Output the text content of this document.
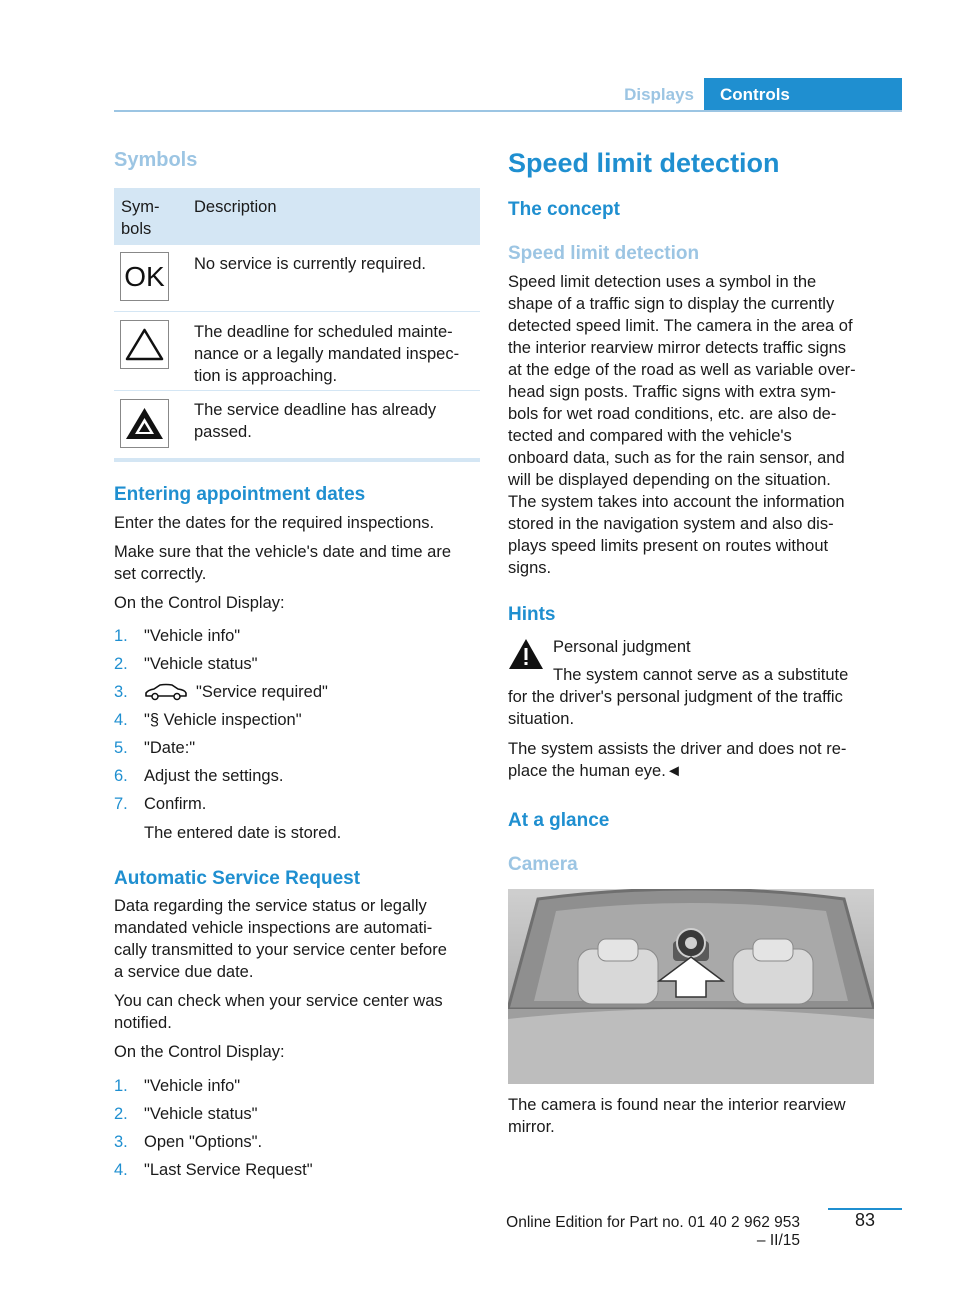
Displays	Controls
Symbols
Sym-
bols
Description
OK No service is currently required.
The deadline for scheduled mainte-
nance or a legally mandated inspec-
tion is approaching.
The service deadline has already
passed.
Entering appointment dates

Enter the dates for the required inspections.

Make sure that the vehicle's date and time are
set correctly.

On the Control Display:

1. "Vehicle info"
2. "Vehicle status"
3.	"Service required"
4. "§ Vehicle inspection"
5. "Date:"
6. Adjust the settings.
7. Confirm.

The entered date is stored.

Automatic Service Request
Data regarding the service status or legally
mandated vehicle inspections are automati-
cally transmitted to your service center before
a service due date.
You can check when your service center was
notified.

On the Control Display:

1. "Vehicle info"
2. "Vehicle status"
3. Open "Options".
4. "Last Service Request"
Speed limit detection
The concept
Speed limit detection
Speed limit detection uses a symbol in the
shape of a traffic sign to display the currently
detected speed limit. The camera in the area of
the interior rearview mirror detects traffic signs
at the edge of the road as well as variable over-
head sign posts. Traffic signs with extra sym-
bols for wet road conditions, etc. are also de-
tected and compared with the vehicle's
onboard data, such as for the rain sensor, and
will be displayed depending on the situation.
The system takes into account the information
stored in the navigation system and also dis-
plays speed limits present on routes without
signs.
Hints
Personal judgment
The system cannot serve as a substitute
for the driver's personal judgment of the traffic
situation.
The system assists the driver and does not re-
place the human eye.◄
At a glance
Camera
The camera is found near the interior rearview
mirror.
Online Edition for Part no. 01 40 2 962 953 – II/15
83
